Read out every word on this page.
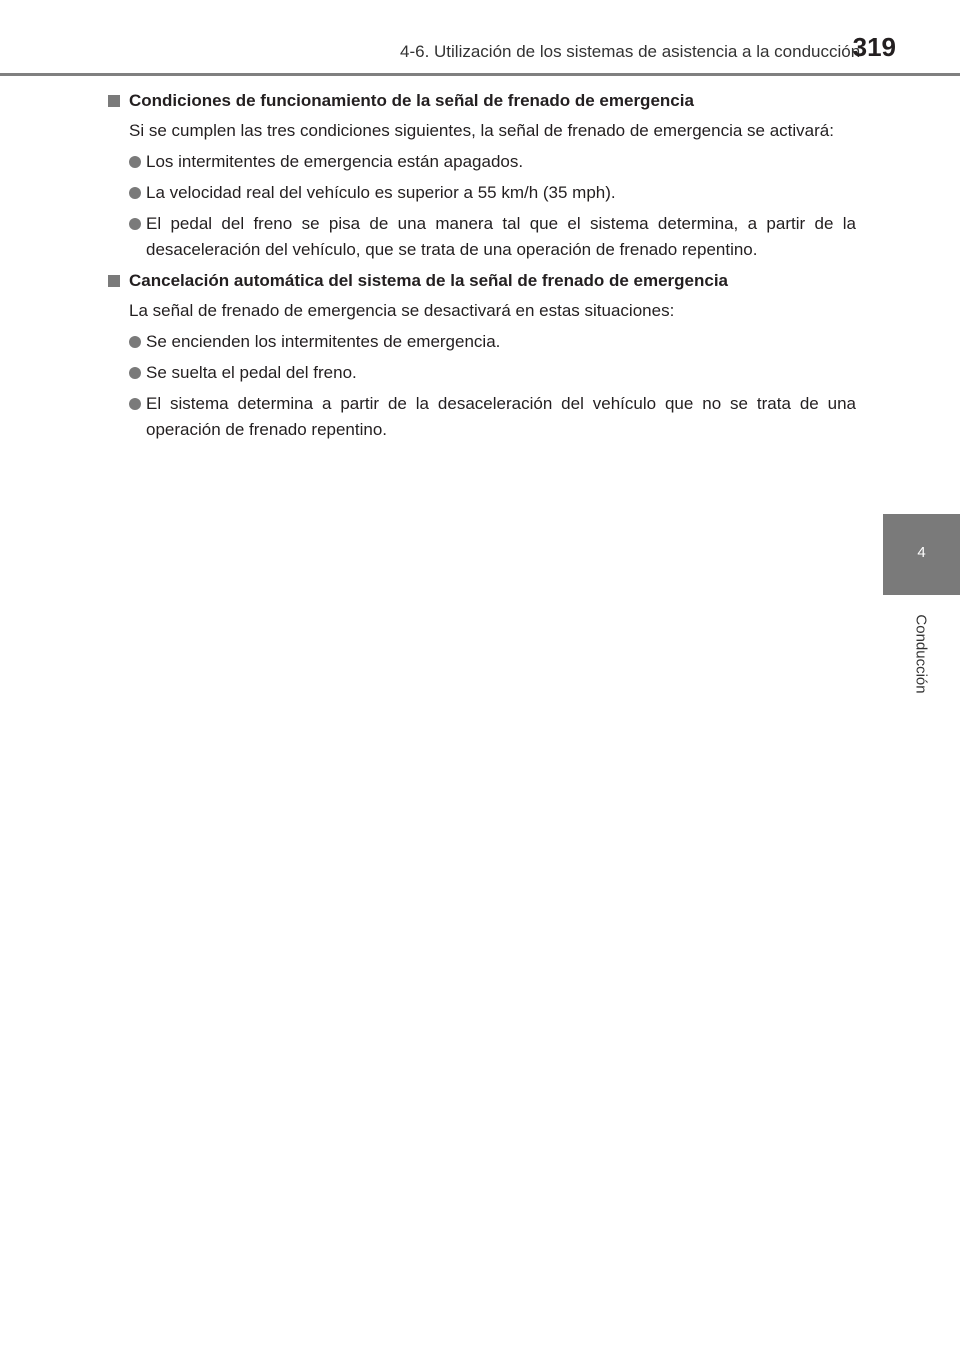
4-6. Utilización de los sistemas de asistencia a la conducción
319
4
Conducción
Condiciones de funcionamiento de la señal de frenado de emergencia

Si se cumplen las tres condiciones siguientes, la señal de frenado de emergencia se activará:

Los intermitentes de emergencia están apagados.

La velocidad real del vehículo es superior a 55 km/h (35 mph).

El pedal del freno se pisa de una manera tal que el sistema determina, a partir de la desaceleración del vehículo, que se trata de una operación de frenado repentino.

Cancelación automática del sistema de la señal de frenado de emergencia

La señal de frenado de emergencia se desactivará en estas situaciones:

Se encienden los intermitentes de emergencia.

Se suelta el pedal del freno.

El sistema determina a partir de la desaceleración del vehículo que no se trata de una operación de frenado repentino.
